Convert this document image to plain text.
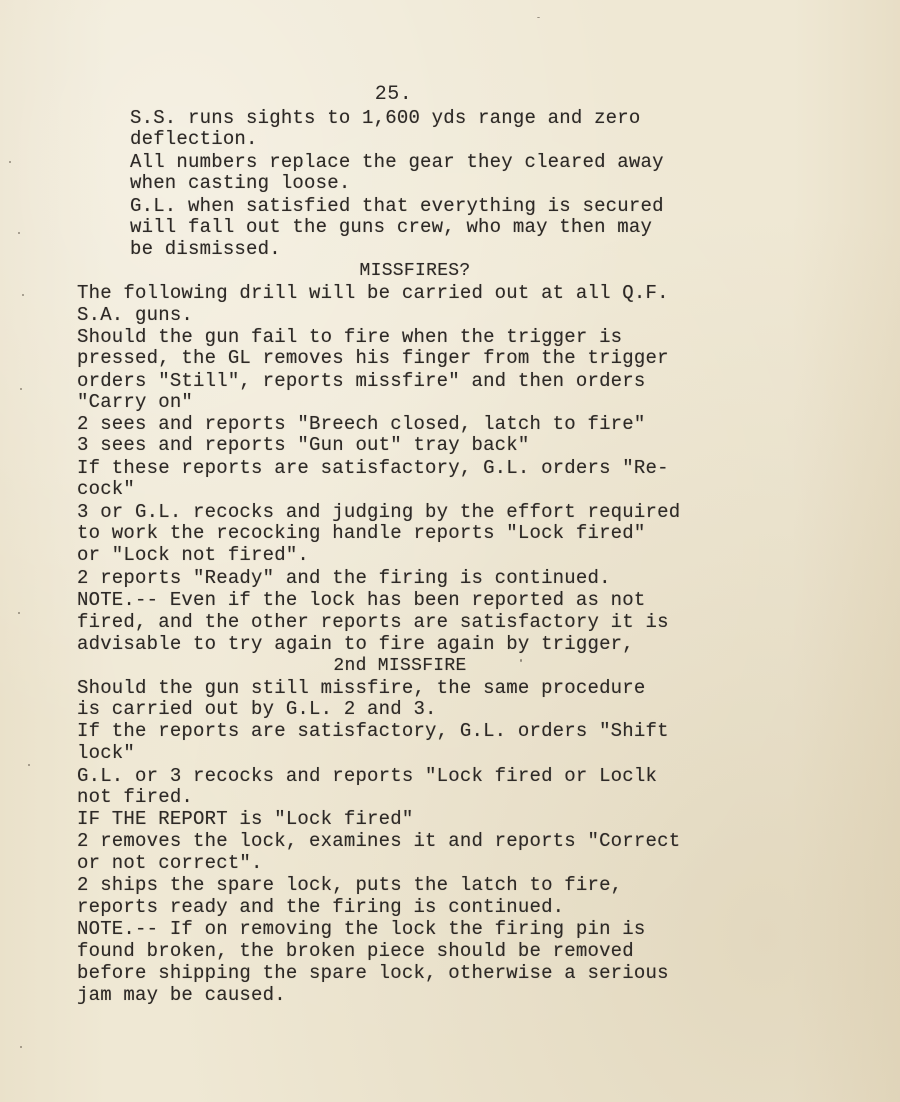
25.
S.S. runs sights to 1,600 yds range and zero
deflection.
All numbers replace the gear they cleared away
when casting loose.
G.L. when satisfied that everything is secured
will fall out the guns crew, who may then may
be dismissed.
MISSFIRES?
The following drill will be carried out at all Q.F.
S.A. guns.
Should the gun fail to fire when the trigger is
pressed, the GL removes his finger from the trigger
orders "Still", reports missfire" and then orders
"Carry on"
2 sees and reports "Breech closed, latch to fire"
3 sees and reports "Gun out" tray back"
If these reports are satisfactory, G.L. orders "Re-
cock"
3 or G.L. recocks and judging by the effort required
to work the recocking handle reports "Lock fired"
or "Lock not fired".
2 reports "Ready" and the firing is continued.
NOTE.-- Even if the lock has been reported as not
fired, and the other reports are satisfactory it is
advisable to try again to fire again by trigger,
2nd MISSFIRE
Should the gun still missfire, the same procedure
is carried out by G.L. 2 and 3.
If the reports are satisfactory, G.L. orders "Shift
lock"
G.L. or 3 recocks and reports "Lock fired or Loclk
not fired.
IF THE REPORT is "Lock fired"
2 removes the lock, examines it and reports "Correct
or not correct".
2 ships the spare lock, puts the latch to fire,
reports ready and the firing is continued.
NOTE.-- If on removing the lock the firing pin is
found broken, the broken piece should be removed
before shipping the spare lock, otherwise a serious
jam may be caused.
